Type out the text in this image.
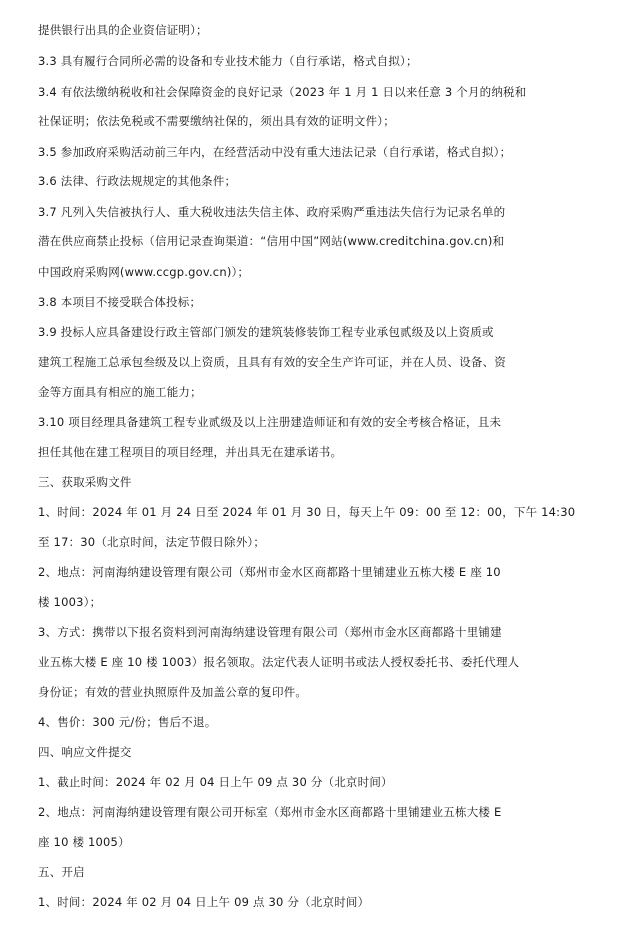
提供银行出具的企业资信证明）；
3.3 具有履行合同所必需的设备和专业技术能力（自行承诺，格式自拟）；
3.4 有依法缴纳税收和社会保障资金的良好记录（2023 年 1 月 1 日以来任意 3 个月的纳税和
社保证明；依法免税或不需要缴纳社保的，须出具有效的证明文件）；
3.5 参加政府采购活动前三年内，在经营活动中没有重大违法记录（自行承诺，格式自拟）；
3.6 法律、行政法规规定的其他条件；
3.7 凡列入失信被执行人、重大税收违法失信主体、政府采购严重违法失信行为记录名单的
潜在供应商禁止投标（信用记录查询渠道：“信用中国”网站(www.creditchina.gov.cn)和
中国政府采购网(www.ccgp.gov.cn)）；
3.8 本项目不接受联合体投标；
3.9 投标人应具备建设行政主管部门颁发的建筑装修装饰工程专业承包贰级及以上资质或
建筑工程施工总承包叁级及以上资质，且具有有效的安全生产许可证，并在人员、设备、资
金等方面具有相应的施工能力；
3.10 项目经理具备建筑工程专业贰级及以上注册建造师证和有效的安全考核合格证，且未
担任其他在建工程项目的项目经理，并出具无在建承诺书。
三、获取采购文件
1、时间：2024 年 01 月 24 日至 2024 年 01 月 30 日，每天上午 09：00 至 12：00，下午 14:30
至 17：30（北京时间，法定节假日除外）；
2、地点：河南海纳建设管理有限公司（郑州市金水区商都路十里铺建业五栋大楼 E 座 10
楼 1003）；
3、方式：携带以下报名资料到河南海纳建设管理有限公司（郑州市金水区商都路十里铺建
业五栋大楼 E 座 10 楼 1003）报名领取。法定代表人证明书或法人授权委托书、委托代理人
身份证；有效的营业执照原件及加盖公章的复印件。
4、售价：300 元/份；售后不退。
四、响应文件提交
1、截止时间：2024 年 02 月 04 日上午 09 点 30 分（北京时间）
2、地点：河南海纳建设管理有限公司开标室（郑州市金水区商都路十里铺建业五栋大楼 E
座 10 楼 1005）
五、开启
1、时间：2024 年 02 月 04 日上午 09 点 30 分（北京时间）
